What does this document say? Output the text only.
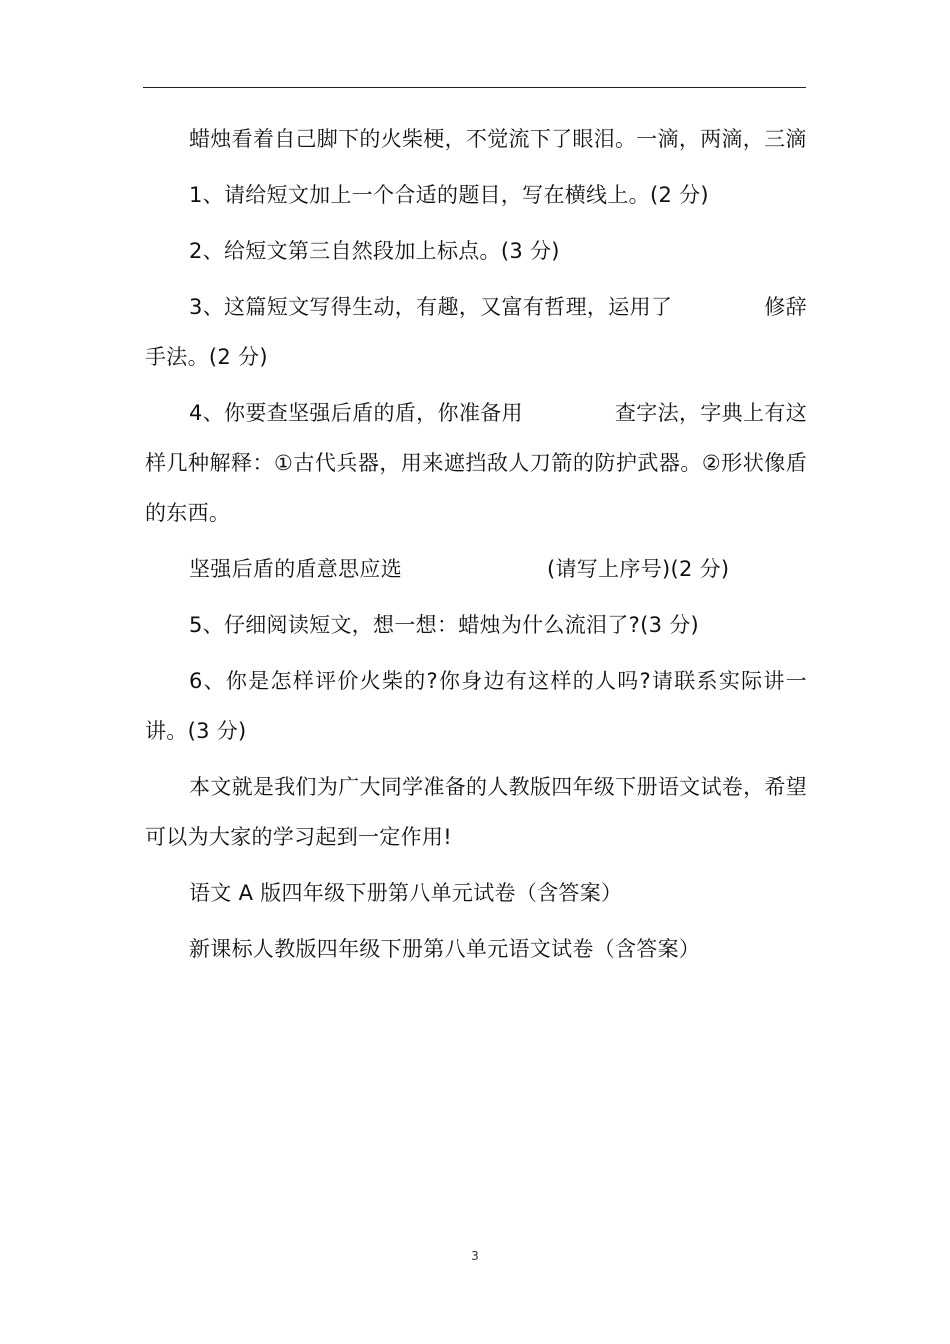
蜡烛看着自己脚下的火柴梗，不觉流下了眼泪。一滴，两滴，三滴

1、请给短文加上一个合适的题目，写在横线上。(2 分)

2、给短文第三自然段加上标点。(3 分)

3、这篇短文写得生动，有趣，又富有哲理，运用了	修辞手法。(2 分)

4、你要查坚强后盾的盾，你准备用	查字法，字典上有这样几种解释：①古代兵器，用来遮挡敌人刀箭的防护武器。②形状像盾的东西。

坚强后盾的盾意思应选	(请写上序号)(2 分)

5、仔细阅读短文，想一想：蜡烛为什么流泪了?(3 分)

6、你是怎样评价火柴的?你身边有这样的人吗?请联系实际讲一讲。(3 分)

本文就是我们为广大同学准备的人教版四年级下册语文试卷，希望可以为大家的学习起到一定作用!

语文 A 版四年级下册第八单元试卷（含答案）

新课标人教版四年级下册第八单元语文试卷（含答案）

3
